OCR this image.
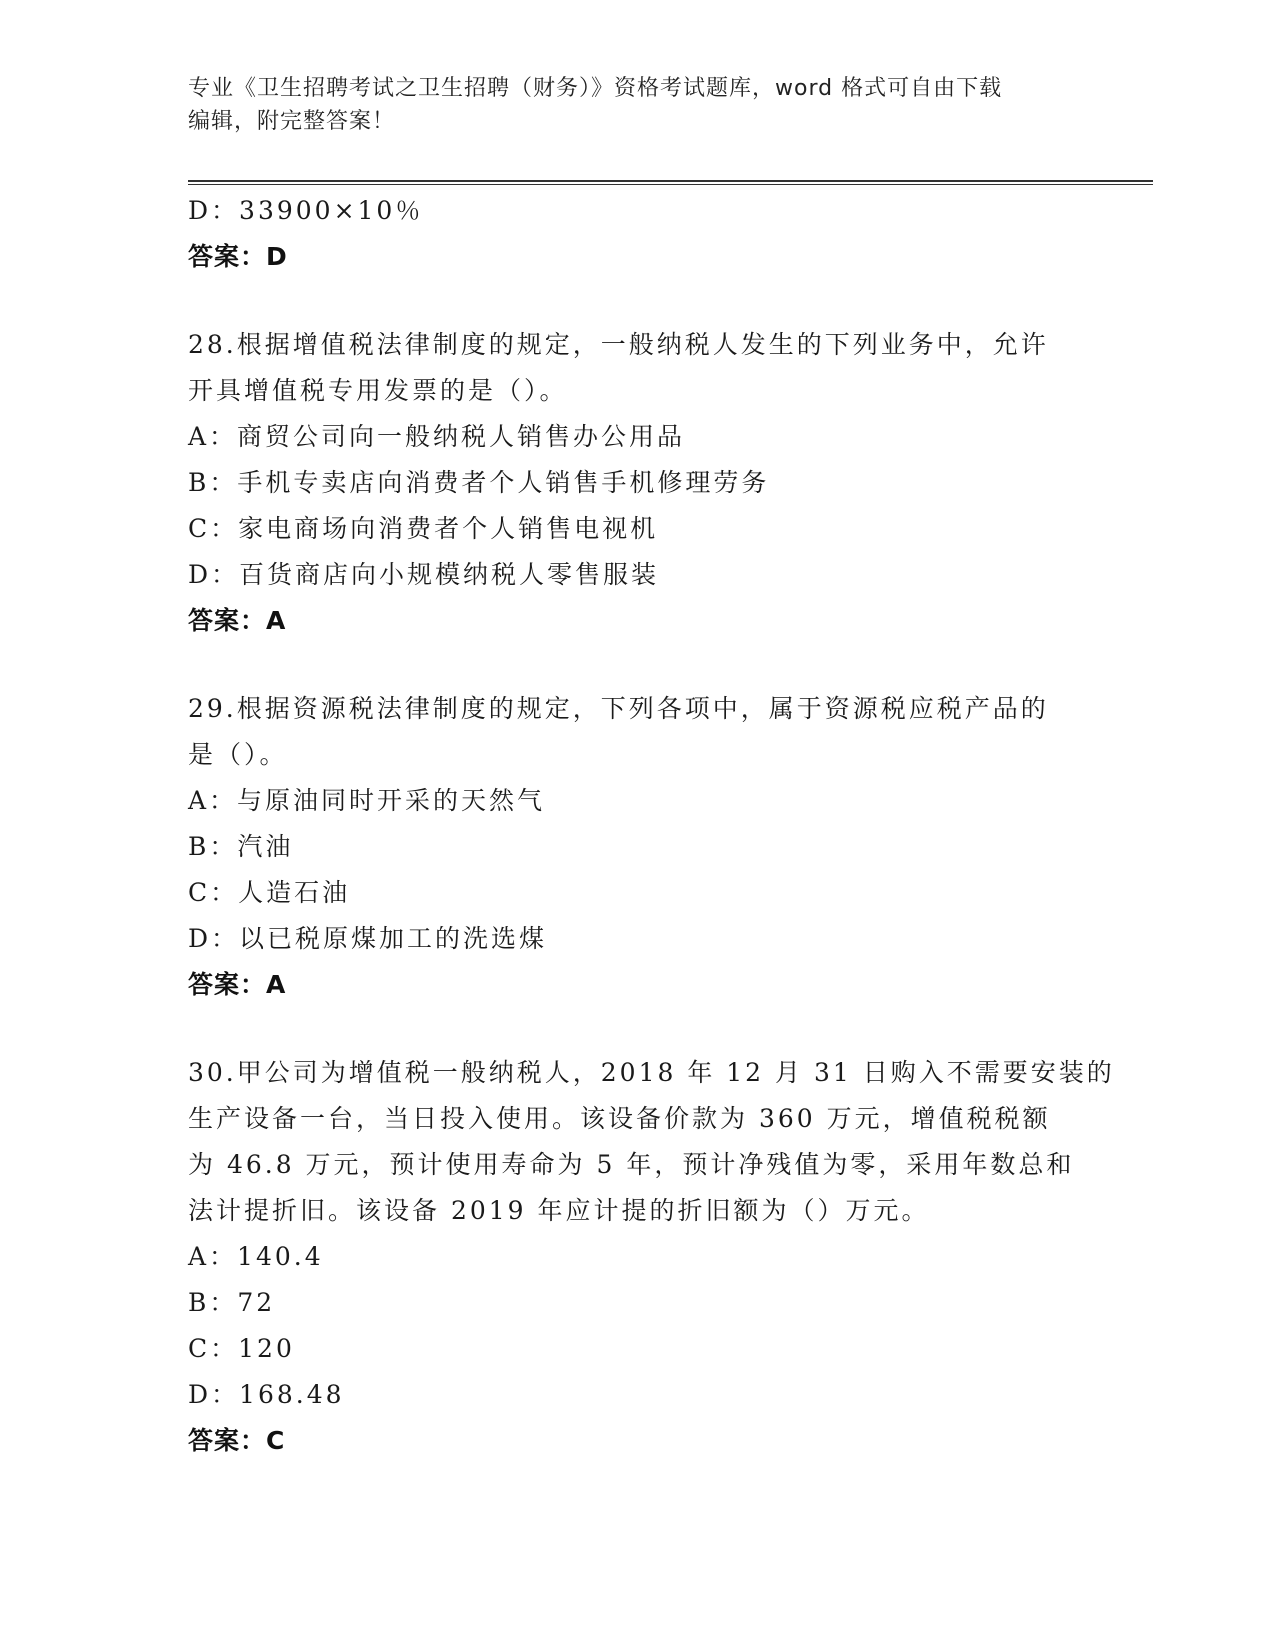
专业《卫生招聘考试之卫生招聘（财务）》资格考试题库，word 格式可自由下载
编辑，附完整答案！
D：33900×10％
答案：D
28.根据增值税法律制度的规定，一般纳税人发生的下列业务中，允许
开具增值税专用发票的是（）。
A：商贸公司向一般纳税人销售办公用品
B：手机专卖店向消费者个人销售手机修理劳务
C：家电商场向消费者个人销售电视机
D：百货商店向小规模纳税人零售服装
答案：A
29.根据资源税法律制度的规定，下列各项中，属于资源税应税产品的
是（）。
A：与原油同时开采的天然气
B：汽油
C：人造石油
D：以已税原煤加工的洗选煤
答案：A
30.甲公司为增值税一般纳税人，2018 年 12 月 31 日购入不需要安装的
生产设备一台，当日投入使用。该设备价款为 360 万元，增值税税额
为 46.8 万元，预计使用寿命为 5 年，预计净残值为零，采用年数总和
法计提折旧。该设备 2019 年应计提的折旧额为（）万元。
A：140.4
B：72
C：120
D：168.48
答案：C
